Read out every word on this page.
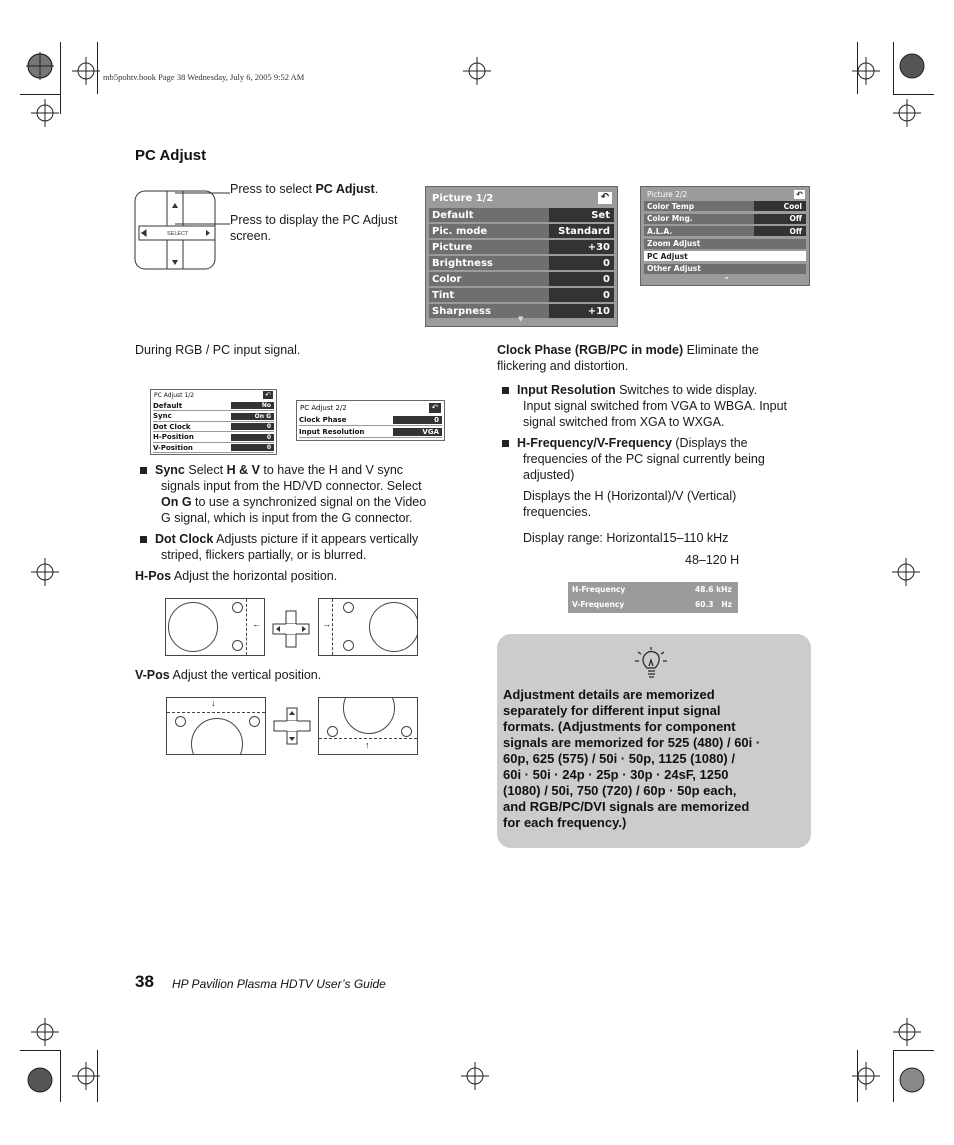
mb5pohtv.book Page 38 Wednesday, July 6, 2005 9:52 AM
PC Adjust
SELECT
Press to select PC Adjust.
Press to display the PC Adjust
screen.
Picture 1/2	↶
Default	Set
Pic. mode	Standard
Picture	+30
Brightness	0
Color	0
Tint	0
Sharpness	+10
▼
Picture 2/2	↶
Color Temp	Cool
Color Mng.	Off
A.L.A.	Off
Zoom Adjust
PC Adjust
Other Adjust
-
During RGB / PC input signal.
PC Adjust 1/2	↶
Default	No
Sync	On G
Dot Clock	0
H-Position	0
V-Position	0
PC Adjust 2/2	↶
Clock Phase	0
Input Resolution	VGA
Sync Select H & V to have the H and V sync
signals input from the HD/VD connector. Select
On G to use a synchronized signal on the Video
G signal, which is input from the G connector.
Dot Clock Adjusts picture if it appears vertically
striped, flickers partially, or is blurred.
H-Pos Adjust the horizontal position.
←	→
V-Pos Adjust the vertical position.
↓
↑
Clock Phase (RGB/PC in mode) Eliminate the
flickering and distortion.
Input Resolution Switches to wide display.
Input signal switched from VGA to WBGA. Input
signal switched from XGA to WXGA.
H-Frequency/V-Frequency (Displays the
frequencies of the PC signal currently being
adjusted)
Displays the H (Horizontal)/V (Vertical)
frequencies.
Display range: Horizontal15–110 kHz
48–120 H
H-Frequency	48.6 kHz
V-Frequency	60.3   Hz
Adjustment details are memorized
separately for different input signal
formats. (Adjustments for component
signals are memorized for 525 (480) / 60i ·
60p, 625 (575) / 50i · 50p, 1125 (1080) /
60i · 50i · 24p · 25p · 30p · 24sF, 1250
(1080) / 50i, 750 (720) / 60p · 50p each,
and RGB/PC/DVI signals are memorized
for each frequency.)
38 HP Pavilion Plasma HDTV User’s Guide
